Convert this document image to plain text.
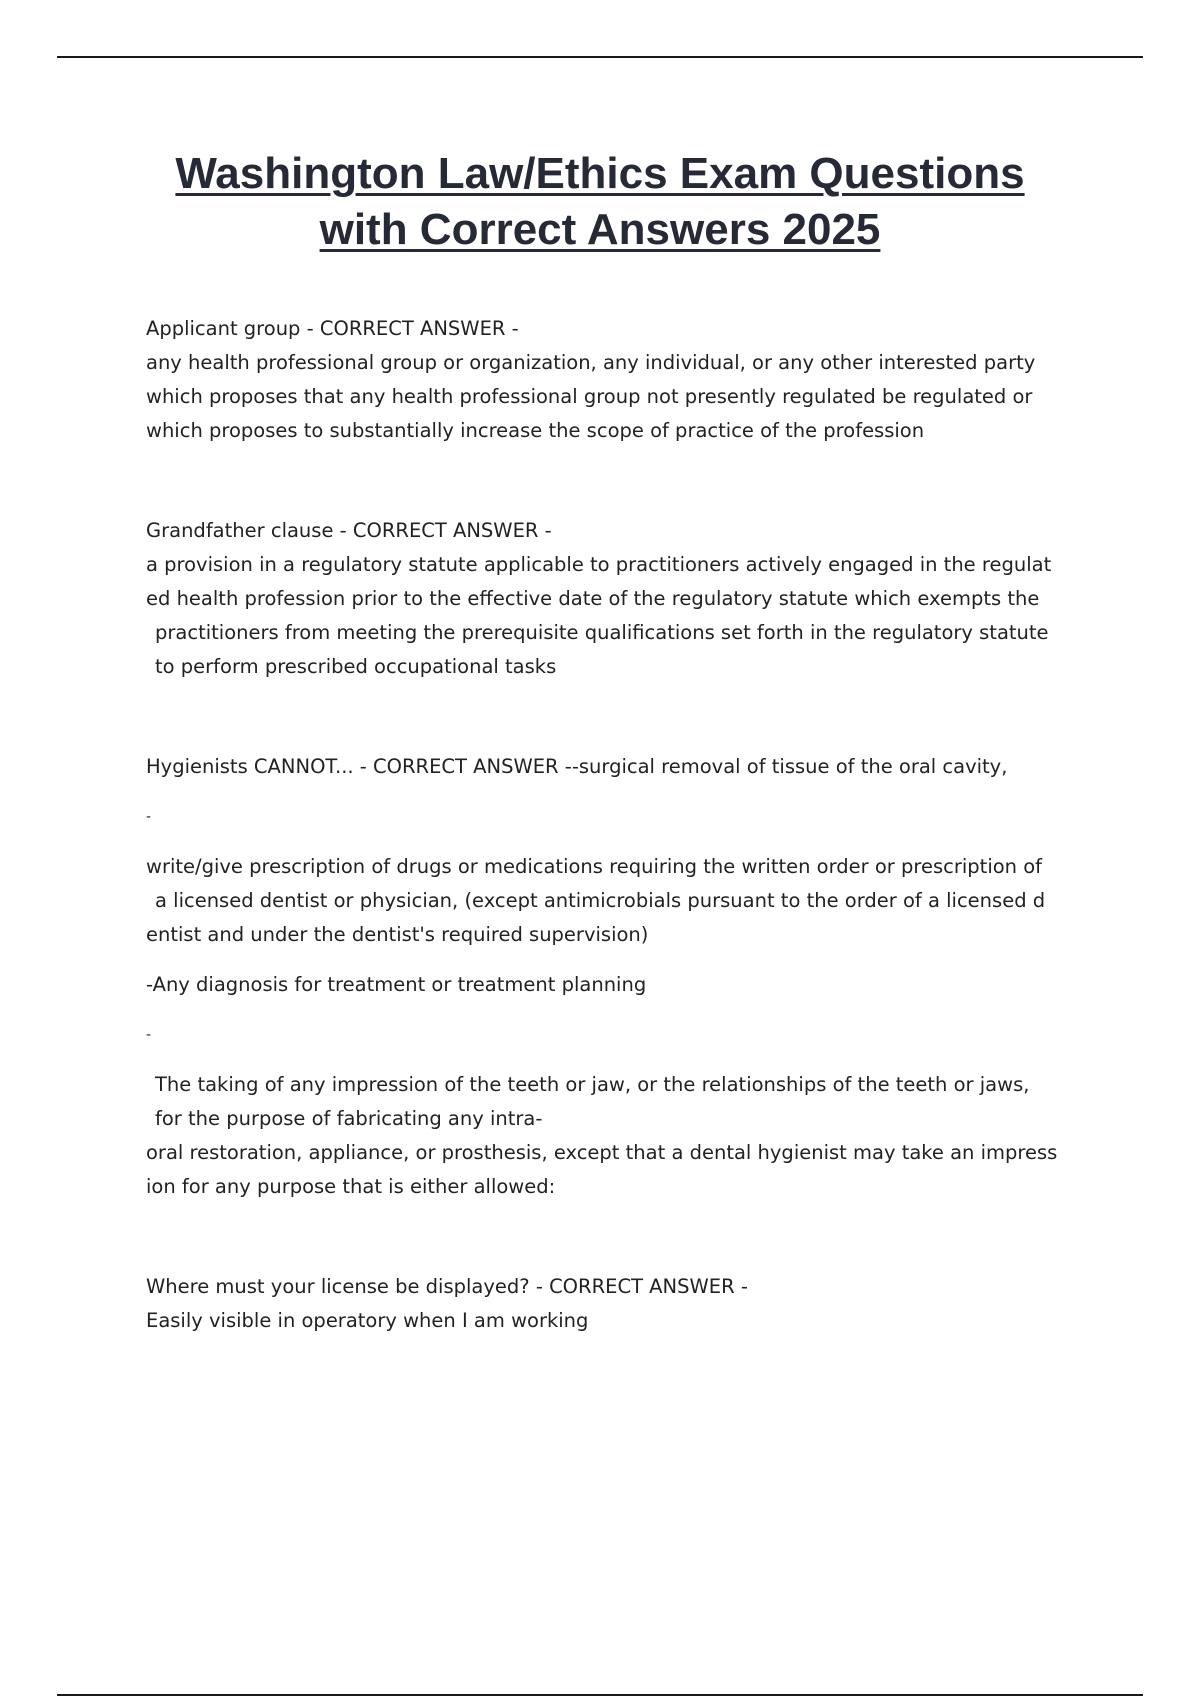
Washington Law/Ethics Exam Questions
with Correct Answers 2025

Applicant group - CORRECT ANSWER -

any health professional group or organization, any individual, or any other interested party

which proposes that any health professional group not presently regulated be regulated or

which proposes to substantially increase the scope of practice of the profession

Grandfather clause - CORRECT ANSWER -

a provision in a regulatory statute applicable to practitioners actively engaged in the regulat

ed health profession prior to the effective date of the regulatory statute which exempts the

practitioners from meeting the prerequisite qualifications set forth in the regulatory statute

to perform prescribed occupational tasks

Hygienists CANNOT... - CORRECT ANSWER --surgical removal of tissue of the oral cavity,

-

write/give prescription of drugs or medications requiring the written order or prescription of

a licensed dentist or physician, (except antimicrobials pursuant to the order of a licensed d

entist and under the dentist's required supervision)

-Any diagnosis for treatment or treatment planning

-

The taking of any impression of the teeth or jaw, or the relationships of the teeth or jaws,

for the purpose of fabricating any intra-

oral restoration, appliance, or prosthesis, except that a dental hygienist may take an impress

ion for any purpose that is either allowed:

Where must your license be displayed? - CORRECT ANSWER -

Easily visible in operatory when I am working
